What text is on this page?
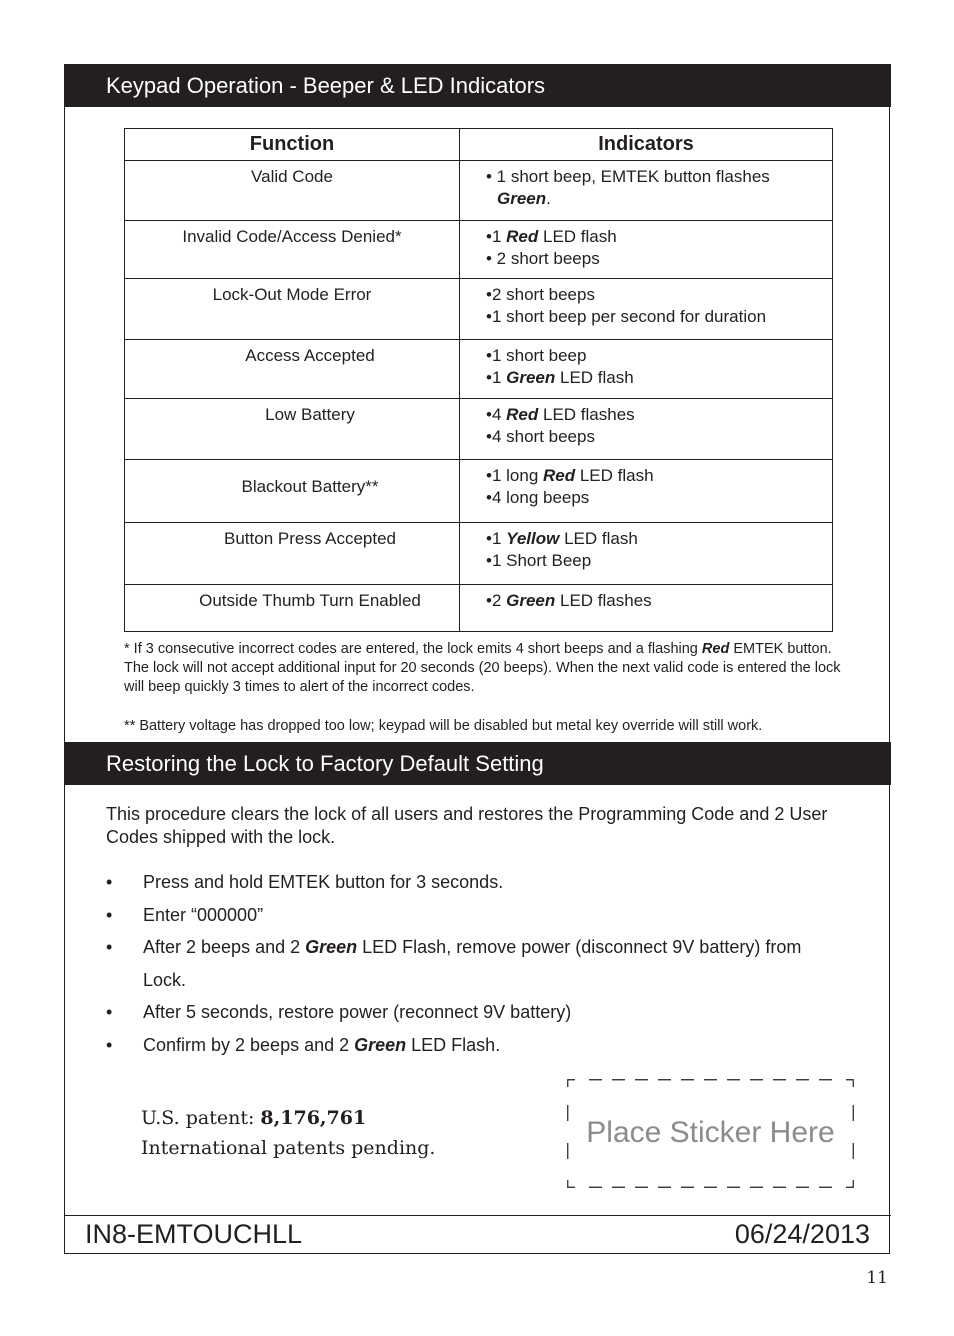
Keypad Operation - Beeper & LED Indicators
Function	Indicators
Valid Code	• 1 short beep, EMTEK button flashes
Green.

Invalid Code/Access Denied*	•1 Red LED flash
• 2 short beeps

Lock-Out Mode Error	•2 short beeps
•1 short beep per second for duration

Access Accepted	•1 short beep
•1 Green LED flash

Low Battery	•4 Red LED flashes
•4 short beeps

Blackout Battery**	•1 long Red LED flash
•4 long beeps

Button Press Accepted	•1 Yellow LED flash
•1 Short Beep

Outside Thumb Turn Enabled	•2 Green LED flashes

* If 3 consecutive incorrect codes are entered, the lock emits 4 short beeps and a flashing Red EMTEK button. The lock will not accept additional input for 20 seconds (20 beeps). When the next valid code is entered the lock will beep quickly 3 times to alert of the incorrect codes.

** Battery voltage has dropped too low; keypad will be disabled but metal key override will still work.

Restoring the Lock to Factory Default Setting
This procedure clears the lock of all users and restores the Programming Code and 2 User Codes shipped with the lock.
• Press and hold EMTEK button for 3 seconds.
• Enter “000000”
• After 2 beeps and 2 Green LED Flash, remove power (disconnect 9V battery) from Lock.
• After 5 seconds, restore power (reconnect 9V battery)
• Confirm by 2 beeps and 2 Green LED Flash.
U.S. patent: 8,176,761
International patents pending.	Place Sticker Here
IN8-EMTOUCHLL	06/24/2013
11
